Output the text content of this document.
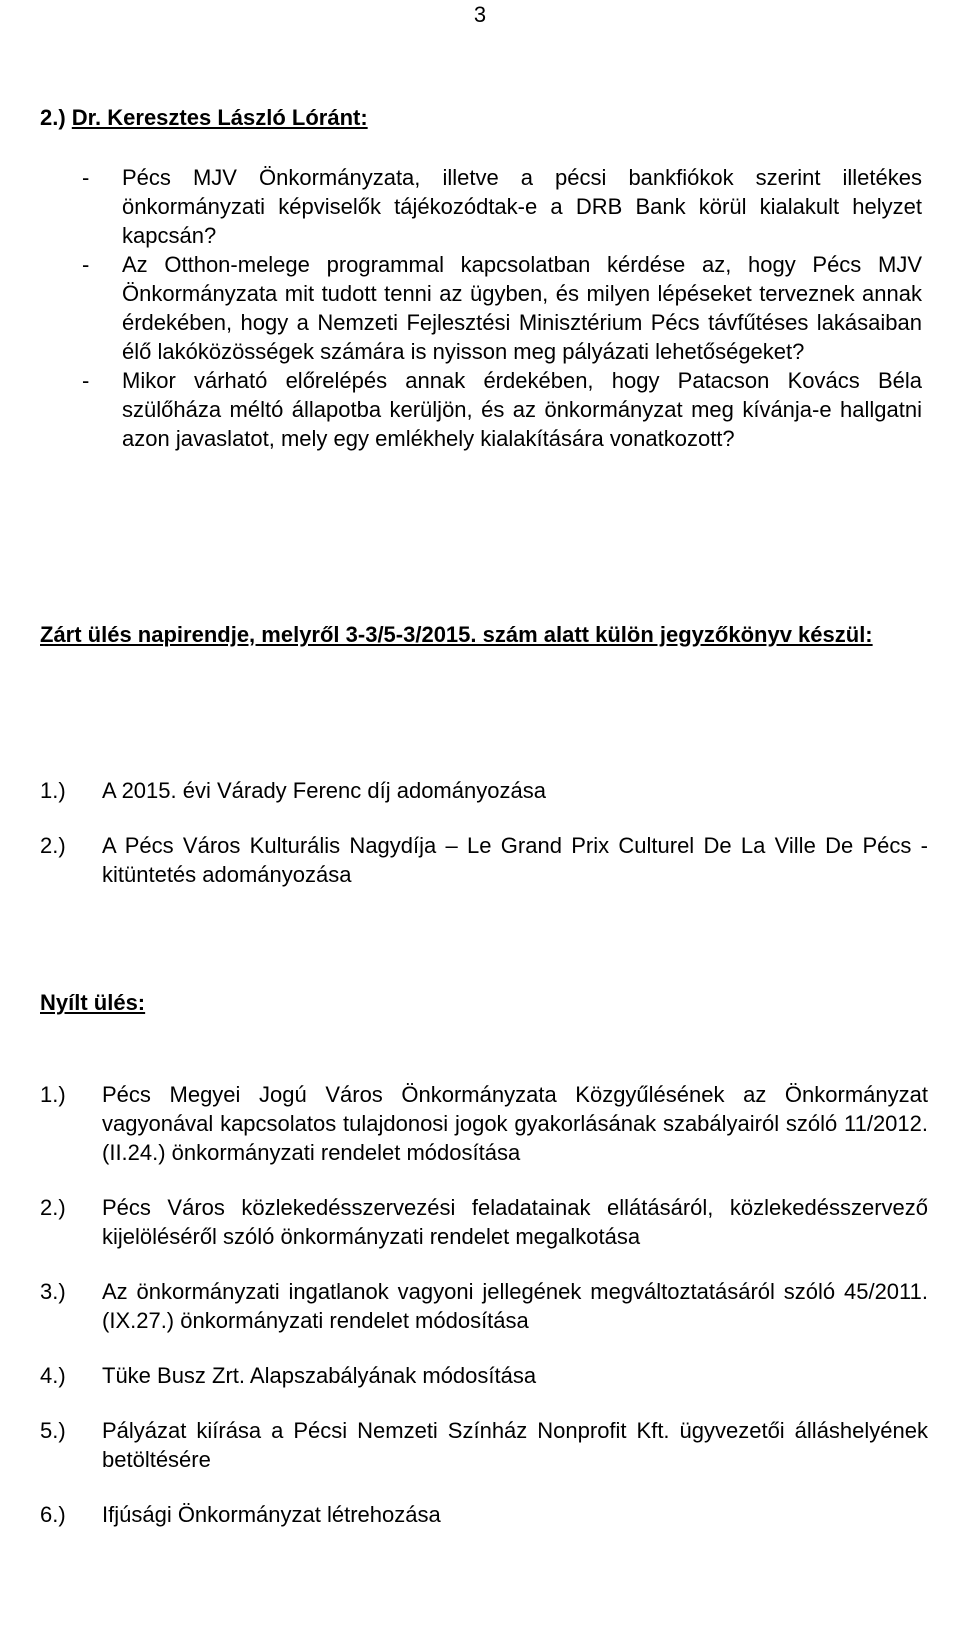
3
2.) Dr. Keresztes László Lóránt:
-	Pécs MJV Önkormányzata, illetve a pécsi bankfiókok szerint illetékes önkormányzati képviselők tájékozódtak-e a DRB Bank körül kialakult helyzet kapcsán?
-	Az Otthon-melege programmal kapcsolatban kérdése az, hogy Pécs MJV Önkormányzata mit tudott tenni az ügyben, és milyen lépéseket terveznek annak érdekében, hogy a Nemzeti Fejlesztési Minisztérium Pécs távfűtéses lakásaiban élő lakóközösségek számára is nyisson meg pályázati lehetőségeket?
-	Mikor várható előrelépés annak érdekében, hogy Patacson Kovács Béla szülőháza méltó állapotba kerüljön, és az önkormányzat meg kívánja-e hallgatni azon javaslatot, mely egy emlékhely kialakítására vonatkozott?
Zárt ülés napirendje, melyről 3-3/5-3/2015. szám alatt külön jegyzőkönyv készül:
1.)	A 2015. évi Várady Ferenc díj adományozása
2.)	A Pécs Város Kulturális Nagydíja – Le Grand Prix Culturel De La Ville De Pécs - kitüntetés adományozása
Nyílt ülés:
1.)	Pécs Megyei Jogú Város Önkormányzata Közgyűlésének az Önkormányzat vagyonával kapcsolatos tulajdonosi jogok gyakorlásának szabályairól szóló 11/2012.(II.24.) önkormányzati rendelet módosítása
2.)	Pécs Város közlekedésszervezési feladatainak ellátásáról, közlekedésszervező kijelöléséről szóló önkormányzati rendelet megalkotása
3.)	Az önkormányzati ingatlanok vagyoni jellegének megváltoztatásáról szóló 45/2011. (IX.27.) önkormányzati rendelet módosítása
4.)	Tüke Busz Zrt. Alapszabályának módosítása
5.)	Pályázat kiírása a Pécsi Nemzeti Színház Nonprofit Kft. ügyvezetői álláshelyének betöltésére
6.)	Ifjúsági Önkormányzat létrehozása
